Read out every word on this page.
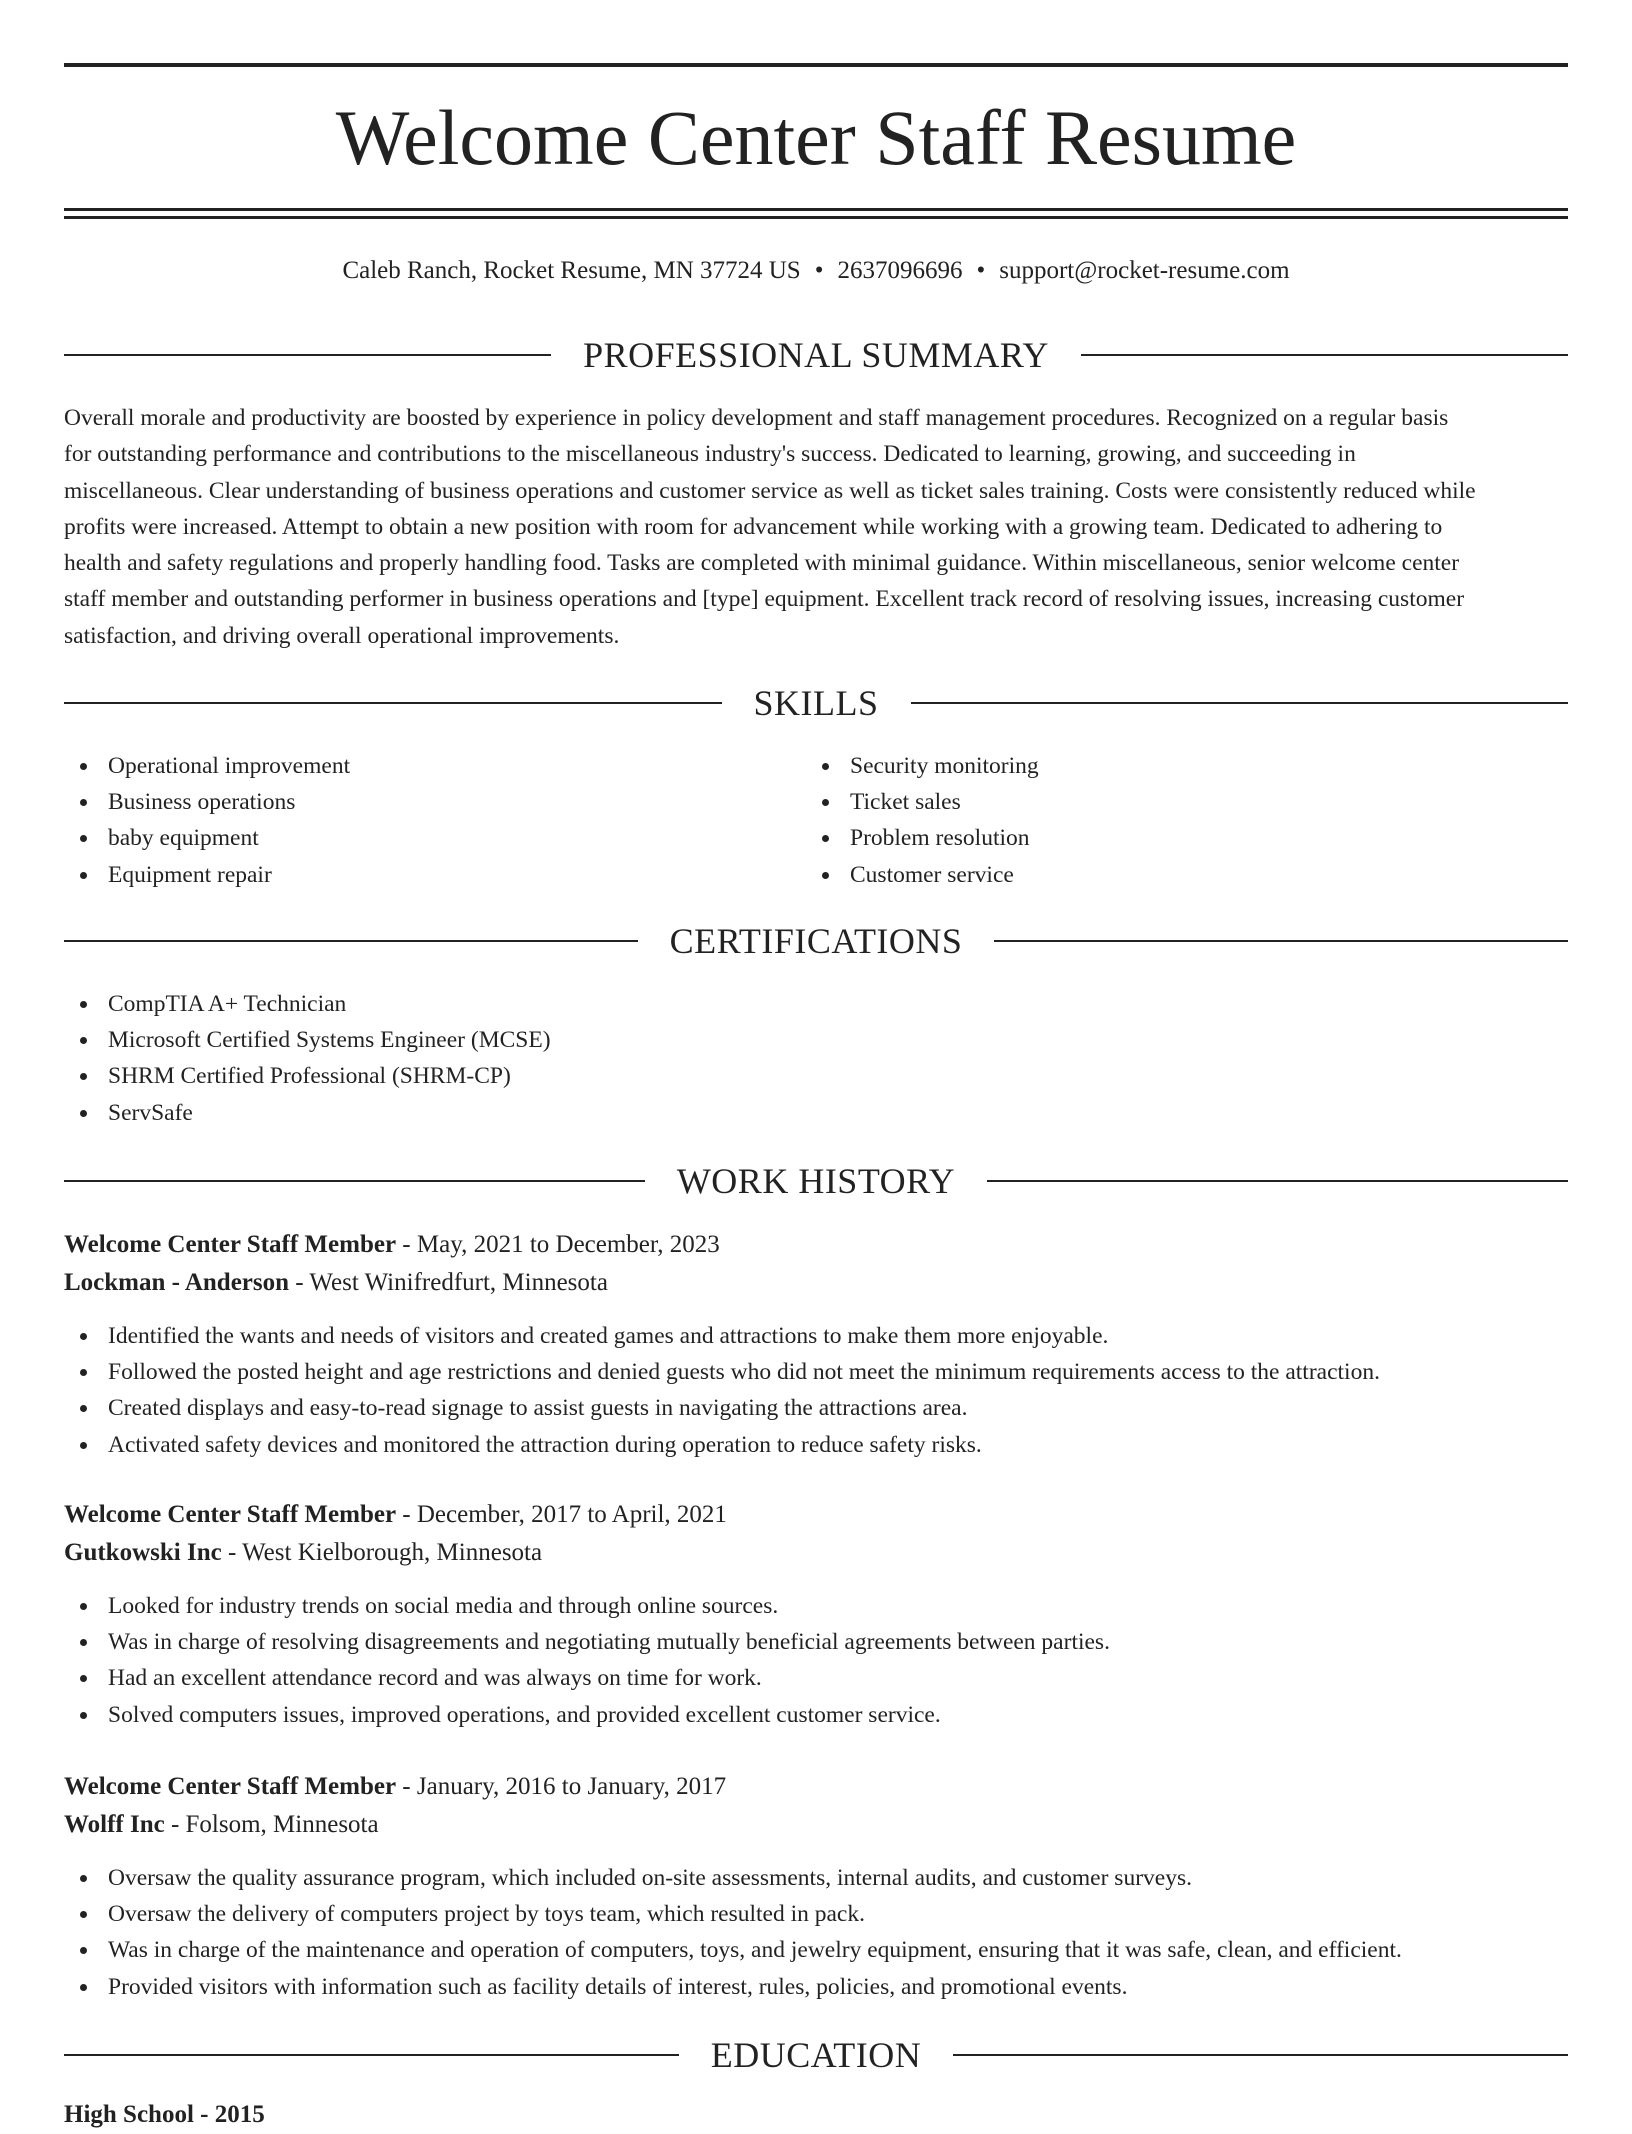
Welcome Center Staff Resume
Caleb Ranch, Rocket Resume, MN 37724 US • 2637096696 • support@rocket-resume.com
PROFESSIONAL SUMMARY
Overall morale and productivity are boosted by experience in policy development and staff management procedures. Recognized on a regular basis
for outstanding performance and contributions to the miscellaneous industry's success. Dedicated to learning, growing, and succeeding in
miscellaneous. Clear understanding of business operations and customer service as well as ticket sales training. Costs were consistently reduced while
profits were increased. Attempt to obtain a new position with room for advancement while working with a growing team. Dedicated to adhering to
health and safety regulations and properly handling food. Tasks are completed with minimal guidance. Within miscellaneous, senior welcome center
staff member and outstanding performer in business operations and [type] equipment. Excellent track record of resolving issues, increasing customer
satisfaction, and driving overall operational improvements.
SKILLS
Operational improvement
Business operations
baby equipment
Equipment repair
Security monitoring
Ticket sales
Problem resolution
Customer service
CERTIFICATIONS
CompTIA A+ Technician
Microsoft Certified Systems Engineer (MCSE)
SHRM Certified Professional (SHRM-CP)
ServSafe
WORK HISTORY
Welcome Center Staff Member - May, 2021 to December, 2023
Lockman - Anderson - West Winifredfurt, Minnesota
Identified the wants and needs of visitors and created games and attractions to make them more enjoyable.
Followed the posted height and age restrictions and denied guests who did not meet the minimum requirements access to the attraction.
Created displays and easy-to-read signage to assist guests in navigating the attractions area.
Activated safety devices and monitored the attraction during operation to reduce safety risks.
Welcome Center Staff Member - December, 2017 to April, 2021
Gutkowski Inc - West Kielborough, Minnesota
Looked for industry trends on social media and through online sources.
Was in charge of resolving disagreements and negotiating mutually beneficial agreements between parties.
Had an excellent attendance record and was always on time for work.
Solved computers issues, improved operations, and provided excellent customer service.
Welcome Center Staff Member - January, 2016 to January, 2017
Wolff Inc - Folsom, Minnesota
Oversaw the quality assurance program, which included on-site assessments, internal audits, and customer surveys.
Oversaw the delivery of computers project by toys team, which resulted in pack.
Was in charge of the maintenance and operation of computers, toys, and jewelry equipment, ensuring that it was safe, clean, and efficient.
Provided visitors with information such as facility details of interest, rules, policies, and promotional events.
EDUCATION
High School - 2015
